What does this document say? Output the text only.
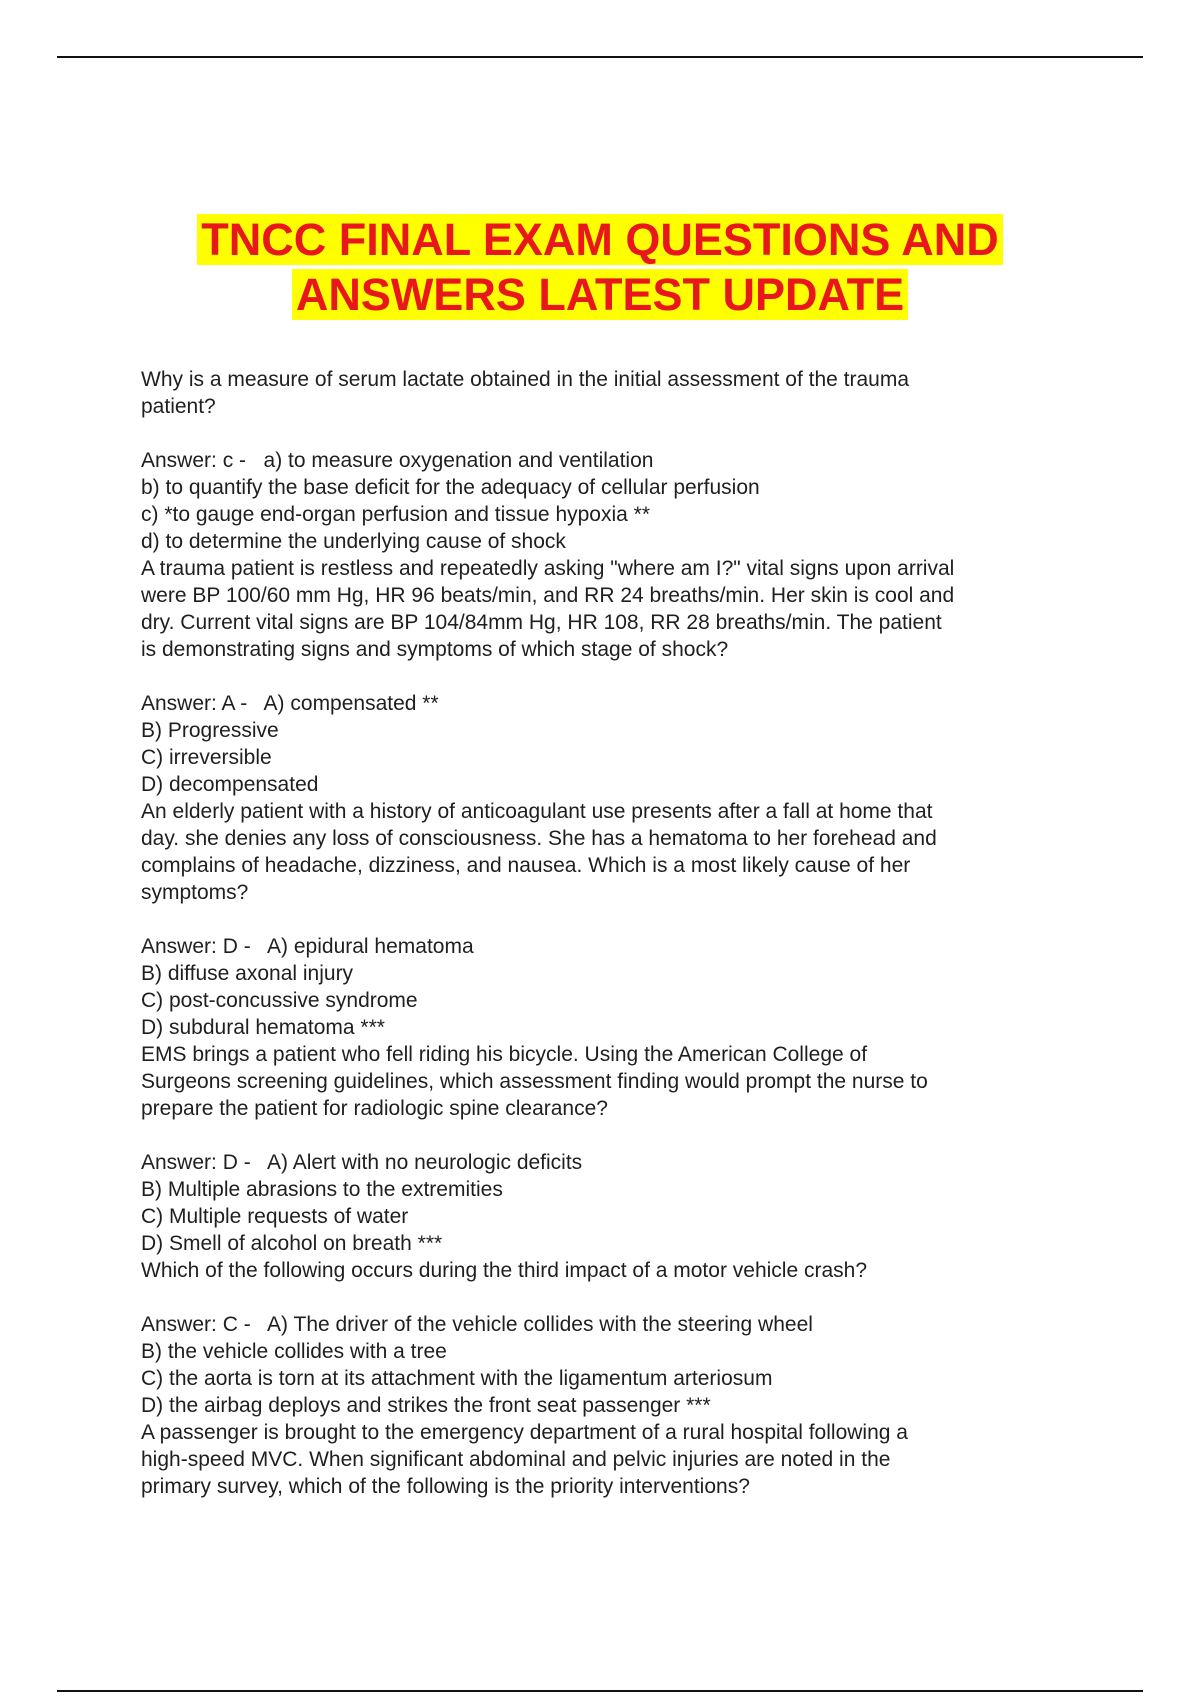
TNCC FINAL EXAM QUESTIONS AND
ANSWERS LATEST UPDATE
Why is a measure of serum lactate obtained in the initial assessment of the trauma
patient?
Answer: c -   a) to measure oxygenation and ventilation
b) to quantify the base deficit for the adequacy of cellular perfusion
c) *to gauge end-organ perfusion and tissue hypoxia **
d) to determine the underlying cause of shock
A trauma patient is restless and repeatedly asking "where am I?" vital signs upon arrival
were BP 100/60 mm Hg, HR 96 beats/min, and RR 24 breaths/min. Her skin is cool and
dry. Current vital signs are BP 104/84mm Hg, HR 108, RR 28 breaths/min. The patient
is demonstrating signs and symptoms of which stage of shock?
Answer: A -   A) compensated **
B) Progressive
C) irreversible
D) decompensated
An elderly patient with a history of anticoagulant use presents after a fall at home that
day. she denies any loss of consciousness. She has a hematoma to her forehead and
complains of headache, dizziness, and nausea. Which is a most likely cause of her
symptoms?
Answer: D -   A) epidural hematoma
B) diffuse axonal injury
C) post-concussive syndrome
D) subdural hematoma ***
EMS brings a patient who fell riding his bicycle. Using the American College of
Surgeons screening guidelines, which assessment finding would prompt the nurse to
prepare the patient for radiologic spine clearance?
Answer: D -   A) Alert with no neurologic deficits
B) Multiple abrasions to the extremities
C) Multiple requests of water
D) Smell of alcohol on breath ***
Which of the following occurs during the third impact of a motor vehicle crash?
Answer: C -   A) The driver of the vehicle collides with the steering wheel
B) the vehicle collides with a tree
C) the aorta is torn at its attachment with the ligamentum arteriosum
D) the airbag deploys and strikes the front seat passenger ***
A passenger is brought to the emergency department of a rural hospital following a
high-speed MVC. When significant abdominal and pelvic injuries are noted in the
primary survey, which of the following is the priority interventions?
